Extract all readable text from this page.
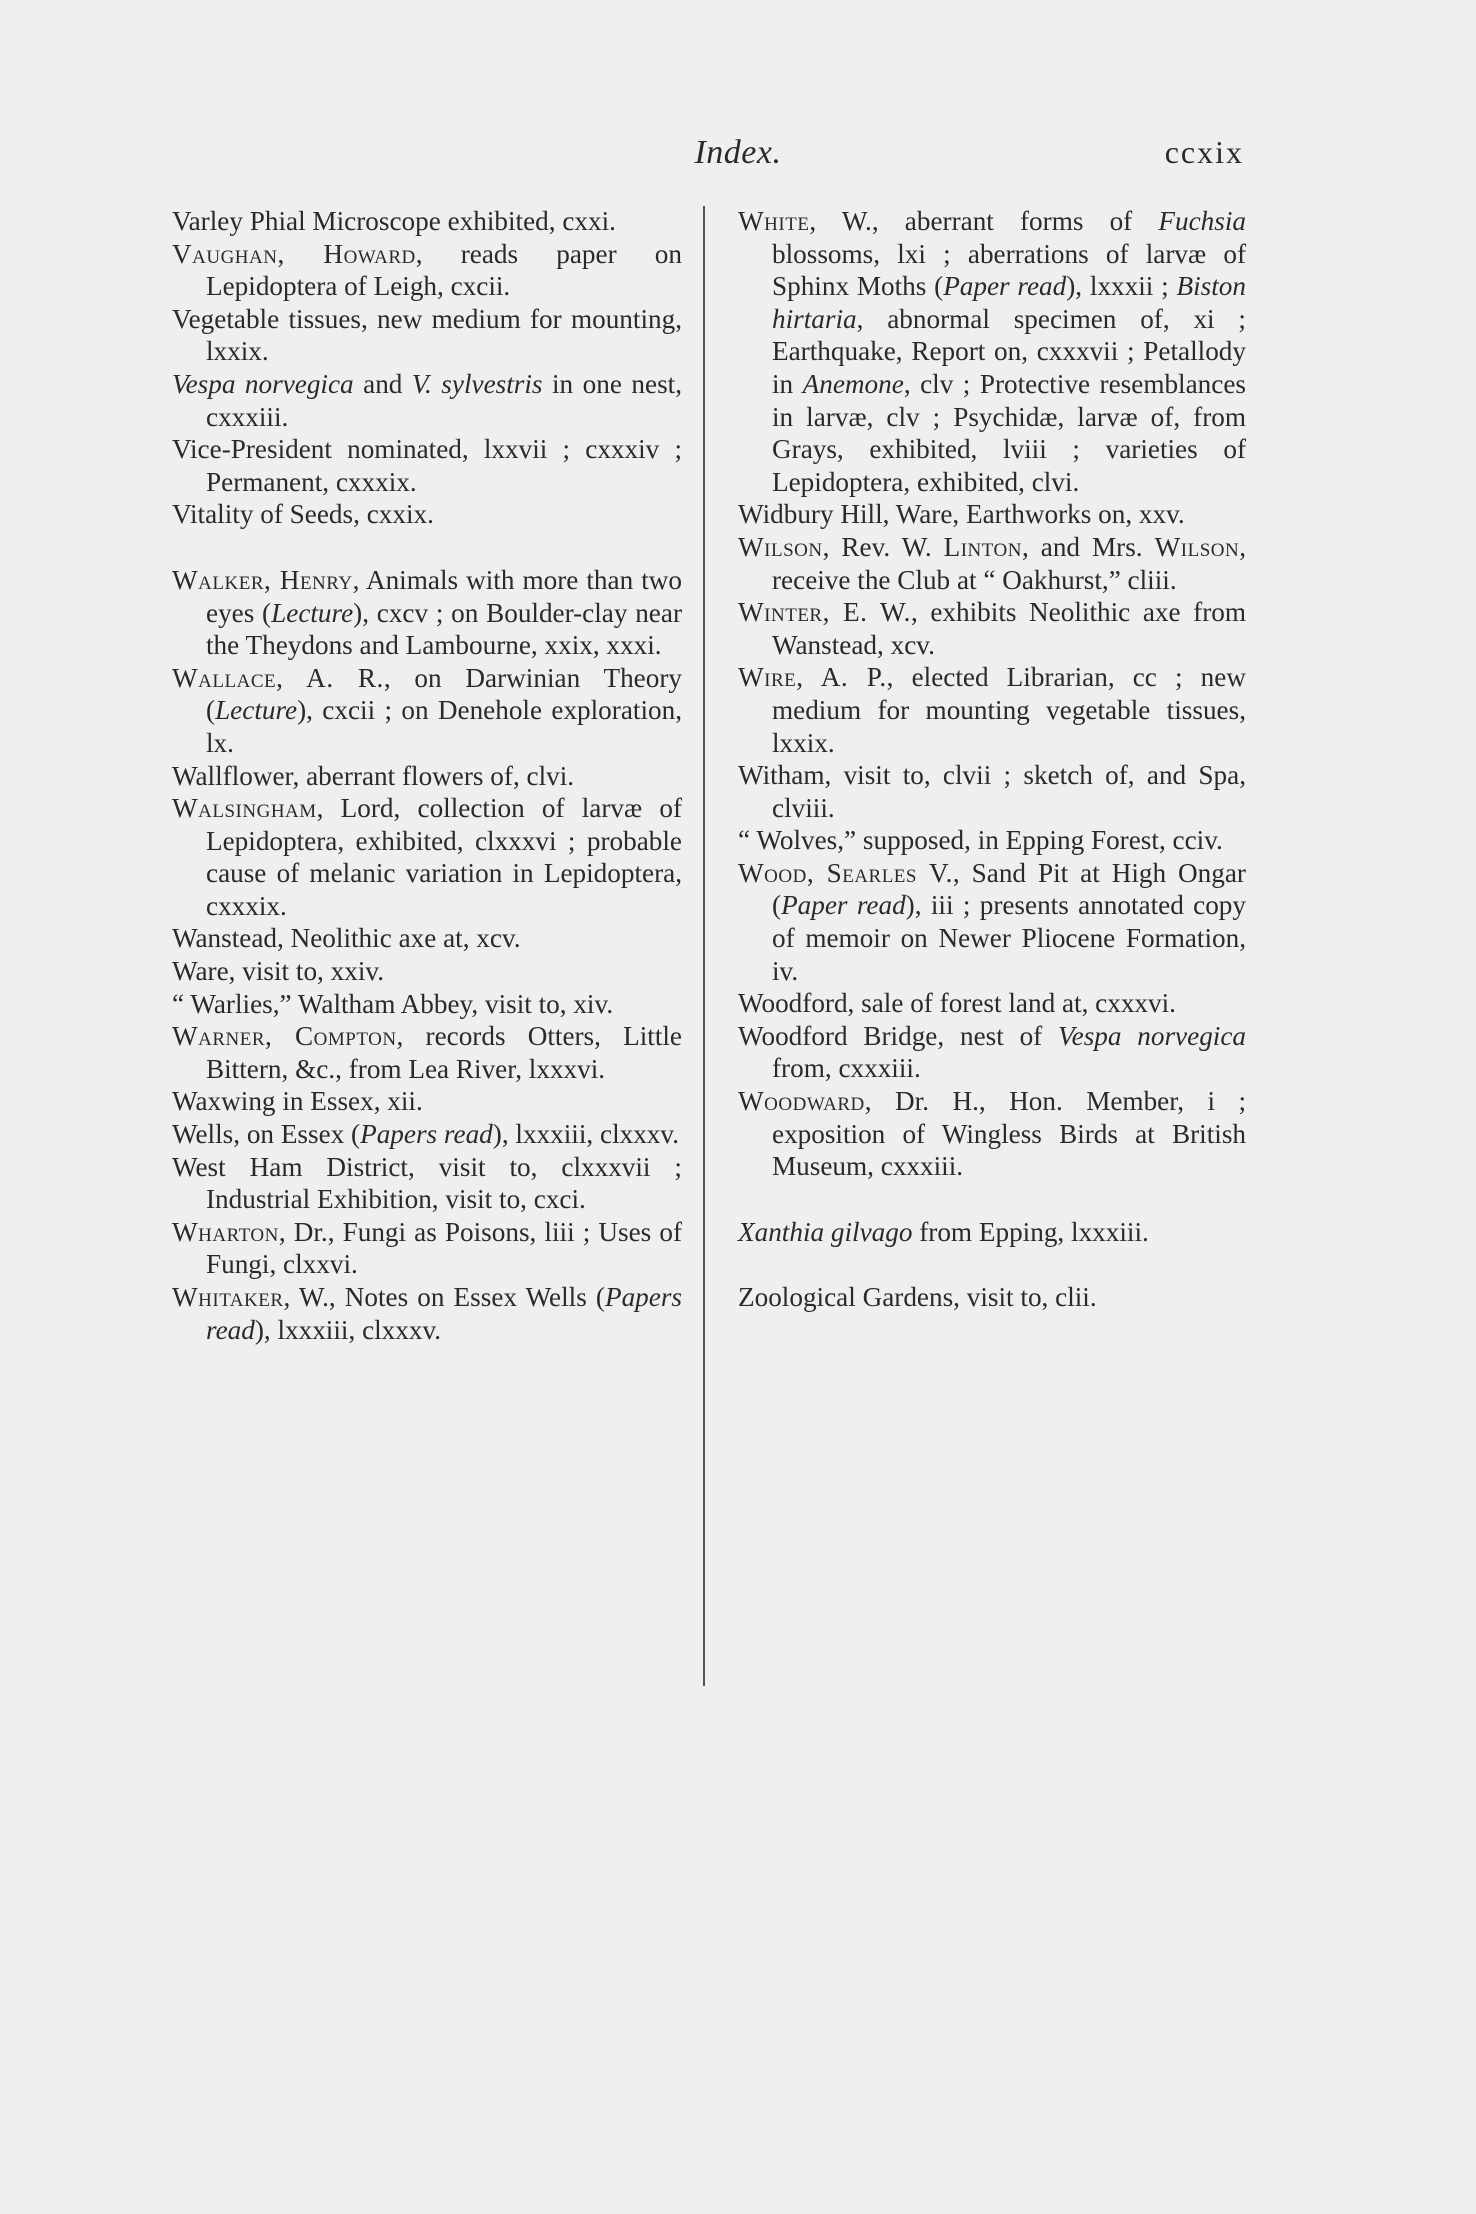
Index.	ccxix

Varley Phial Microscope exhibited, cxxi.

Vaughan, Howard, reads paper on Lepidoptera of Leigh, cxcii.

Vegetable tissues, new medium for mounting, lxxix.

Vespa norvegica and V. sylvestris in one nest, cxxxiii.

Vice-President nominated, lxxvii ; cxxxiv ; Permanent, cxxxix.

Vitality of Seeds, cxxix.

Walker, Henry, Animals with more than two eyes (Lecture), cxcv ; on Boulder-clay near the Theydons and Lambourne, xxix, xxxi.

Wallace, A. R., on Darwinian Theory (Lecture), cxcii ; on Denehole exploration, lx.

Wallflower, aberrant flowers of, clvi.

Walsingham, Lord, collection of larvæ of Lepidoptera, exhibited, clxxxvi ; probable cause of melanic variation in Lepidoptera, cxxxix.

Wanstead, Neolithic axe at, xcv.

Ware, visit to, xxiv.

“ Warlies,” Waltham Abbey, visit to, xiv.

Warner, Compton, records Otters, Little Bittern, &c., from Lea River, lxxxvi.

Waxwing in Essex, xii.

Wells, on Essex (Papers read), lxxxiii, clxxxv.

West Ham District, visit to, clxxxvii ; Industrial Exhibition, visit to, cxci.

Wharton, Dr., Fungi as Poisons, liii ; Uses of Fungi, clxxvi.

Whitaker, W., Notes on Essex Wells (Papers read), lxxxiii, clxxxv.

White, W., aberrant forms of Fuchsia blossoms, lxi ; aberrations of larvæ of Sphinx Moths (Paper read), lxxxii ; Biston hirtaria, abnormal specimen of, xi ; Earthquake, Report on, cxxxvii ; Petallody in Anemone, clv ; Protective resemblances in larvæ, clv ; Psychidæ, larvæ of, from Grays, exhibited, lviii ; varieties of Lepidoptera, exhibited, clvi.

Widbury Hill, Ware, Earthworks on, xxv.

Wilson, Rev. W. Linton, and Mrs. Wilson, receive the Club at “ Oakhurst,” cliii.

Winter, E. W., exhibits Neolithic axe from Wanstead, xcv.

Wire, A. P., elected Librarian, cc ; new medium for mounting vegetable tissues, lxxix.

Witham, visit to, clvii ; sketch of, and Spa, clviii.

“ Wolves,” supposed, in Epping Forest, cciv.

Wood, Searles V., Sand Pit at High Ongar (Paper read), iii ; presents annotated copy of memoir on Newer Pliocene Formation, iv.

Woodford, sale of forest land at, cxxxvi.

Woodford Bridge, nest of Vespa norvegica from, cxxxiii.

Woodward, Dr. H., Hon. Member, i ; exposition of Wingless Birds at British Museum, cxxxiii.

Xanthia gilvago from Epping, lxxxiii.

Zoological Gardens, visit to, clii.
